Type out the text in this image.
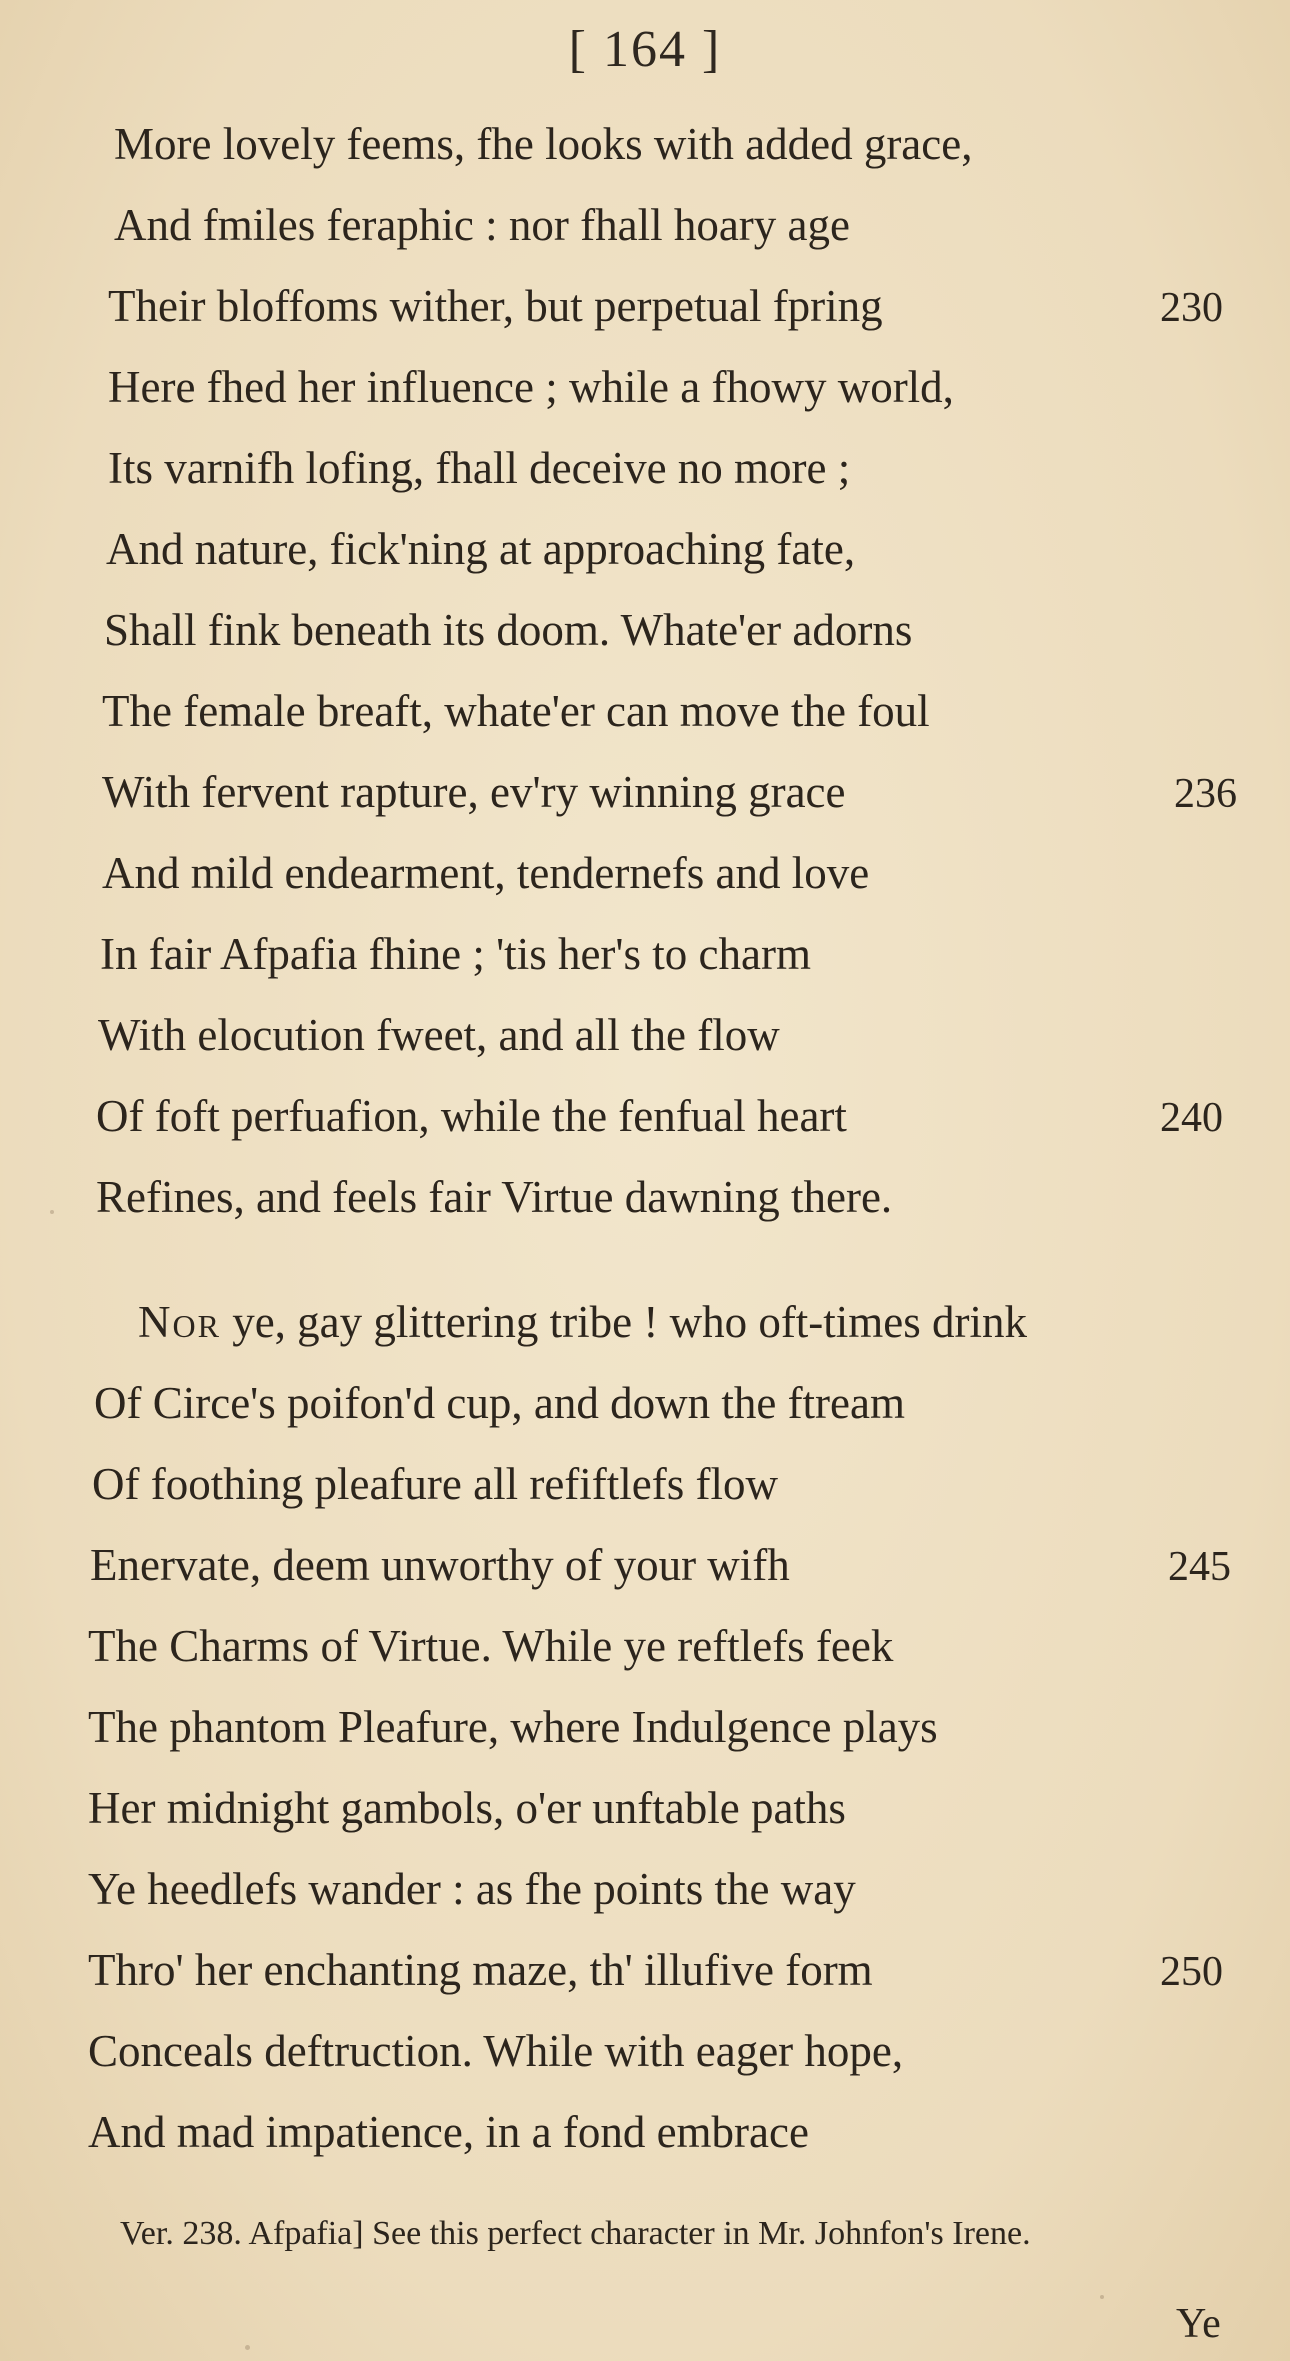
[ 164 ]
More lovely feems, fhe looks with added grace,
And fmiles feraphic : nor fhall hoary age
Their bloffoms wither, but perpetual fpring	230
Here fhed her influence ; while a fhowy world,
Its varnifh lofing, fhall deceive no more ;
And nature, fick'ning at approaching fate,
Shall fink beneath its doom. Whate'er adorns
The female breaft, whate'er can move the foul
With fervent rapture, ev'ry winning grace	236
And mild endearment, tendernefs and love
In fair Afpafia fhine ; 'tis her's to charm
With elocution fweet, and all the flow
Of foft perfuafion, while the fenfual heart	240
Refines, and feels fair Virtue dawning there.
Nor ye, gay glittering tribe ! who oft-times drink
Of Circe's poifon'd cup, and down the ftream
Of foothing pleafure all refiftlefs flow
Enervate, deem unworthy of your wifh	245
The Charms of Virtue. While ye reftlefs feek
The phantom Pleafure, where Indulgence plays
Her midnight gambols, o'er unftable paths
Ye heedlefs wander : as fhe points the way
Thro' her enchanting maze, th' illufive form	250
Conceals deftruction. While with eager hope,
And mad impatience, in a fond embrace
Ver. 238. Afpafia] See this perfect character in Mr. Johnfon's Irene.
Ye
